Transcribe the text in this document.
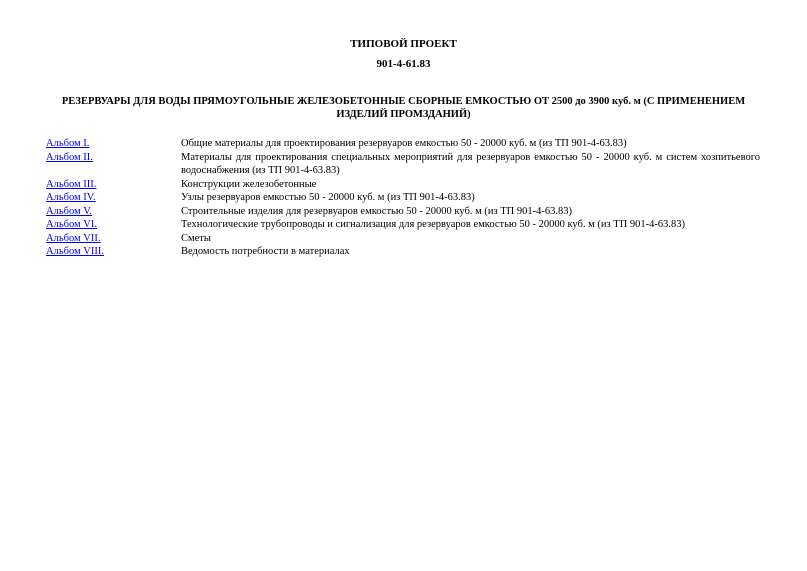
ТИПОВОЙ ПРОЕКТ
901-4-61.83
РЕЗЕРВУАРЫ ДЛЯ ВОДЫ ПРЯМОУГОЛЬНЫЕ ЖЕЛЕЗОБЕТОННЫЕ СБОРНЫЕ ЕМКОСТЬЮ ОТ 2500 до 3900 куб. м (С ПРИМЕНЕНИЕМ ИЗДЕЛИЙ ПРОМЗДАНИЙ)
Альбом I.	Общие материалы для проектирования резервуаров емкостью 50 - 20000 куб. м (из ТП 901-4-63.83)
Альбом II.	Материалы для проектирования специальных мероприятий для резервуаров емкостью 50 - 20000 куб. м систем хозпитьевого водоснабжения (из ТП 901-4-63.83)
Альбом III.	Конструкции железобетонные
Альбом IV.	Узлы резервуаров емкостью 50 - 20000 куб. м (из ТП 901-4-63.83)
Альбом V.	Строительные изделия для резервуаров емкостью 50 - 20000 куб. м (из ТП 901-4-63.83)
Альбом VI.	Технологические трубопроводы и сигнализация для резервуаров емкостью 50 - 20000 куб. м (из ТП 901-4-63.83)
Альбом VII.	Сметы
Альбом VIII.	Ведомость потребности в материалах
